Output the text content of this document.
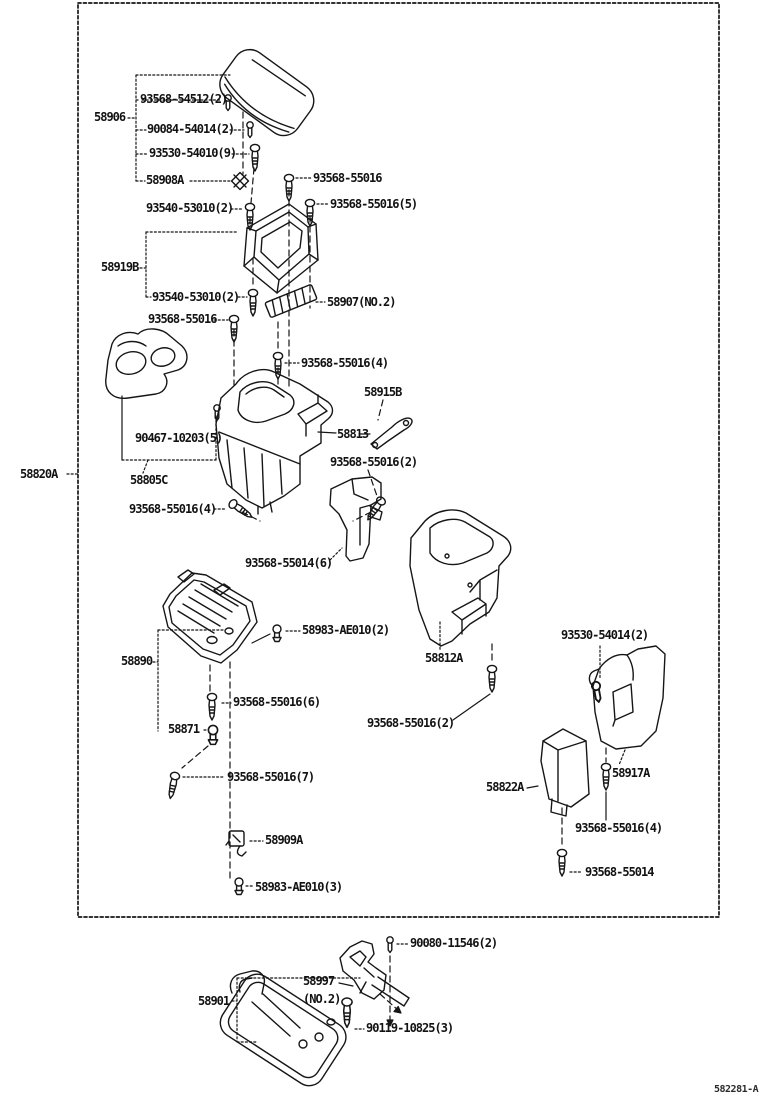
93568-54512(2)
58906
90084-54014(2)
93530-54010(9)
58908A	93568-55016
93568-55016(5)
93540-53010(2)
58919B
93540-53010(2)	58907(NO.2)
93568-55016
93568-55016(4)
58915B
90467-10203(5)	58813
93568-55016(2)
58820A	58805C
93568-55016(4)
93568-55014(6)
58983-AE010(2)
58890	58812A
93530-54014(2)
93568-55016(6)
93568-55016(2)
58871
58917A
93568-55016(7)
58822A
93568-55016(4)
58909A
93568-55014
58983-AE010(3)
90080-11546(2)
58997
(NO.2)
58901
90119-10825(3)
582281-A
